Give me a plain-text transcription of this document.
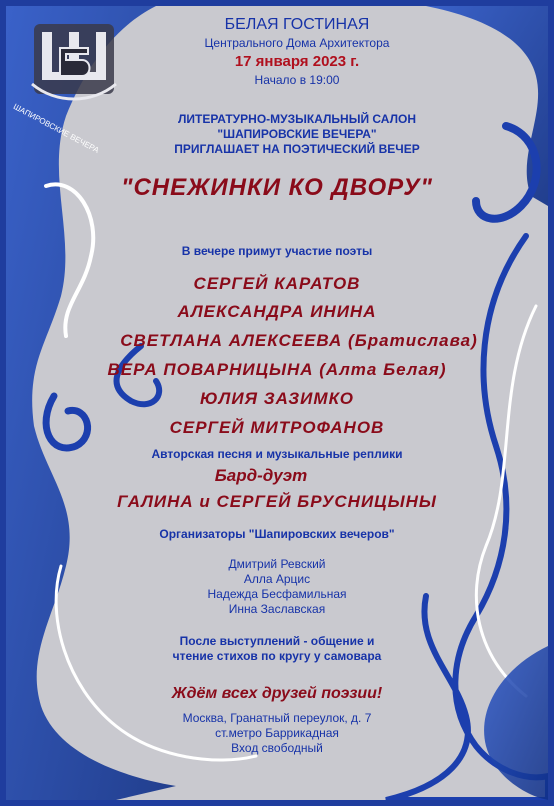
ШАПИРОВСКИЕ ВЕЧЕРА
БЕЛАЯ ГОСТИНАЯ
Центрального Дома Архитектора
17 января 2023 г.
Начало в 19:00
ЛИТЕРАТУРНО-МУЗЫКАЛЬНЫЙ САЛОН
"ШАПИРОВСКИЕ ВЕЧЕРА"
ПРИГЛАШАЕТ НА ПОЭТИЧЕСКИЙ ВЕЧЕР
"СНЕЖИНКИ КО ДВОРУ"
В вечере примут участие поэты
СЕРГЕЙ КАРАТОВ
АЛЕКСАНДРА ИНИНА
СВЕТЛАНА АЛЕКСЕЕВА (Братислава)
ВЕРА ПОВАРНИЦЫНА (Алта Белая)
ЮЛИЯ ЗАЗИМКО
СЕРГЕЙ МИТРОФАНОВ
Авторская песня и музыкальные реплики
Бард-дуэт
ГАЛИНА и СЕРГЕЙ БРУСНИЦЫНЫ
Организаторы "Шапировских вечеров"
Дмитрий Ревский
Алла Арцис
Надежда Бесфамильная
Инна Заславская
После выступлений - общение и
чтение стихов по кругу у самовара
Ждём всех друзей поэзии!
Москва, Гранатный переулок, д. 7
ст.метро Баррикадная
Вход свободный
